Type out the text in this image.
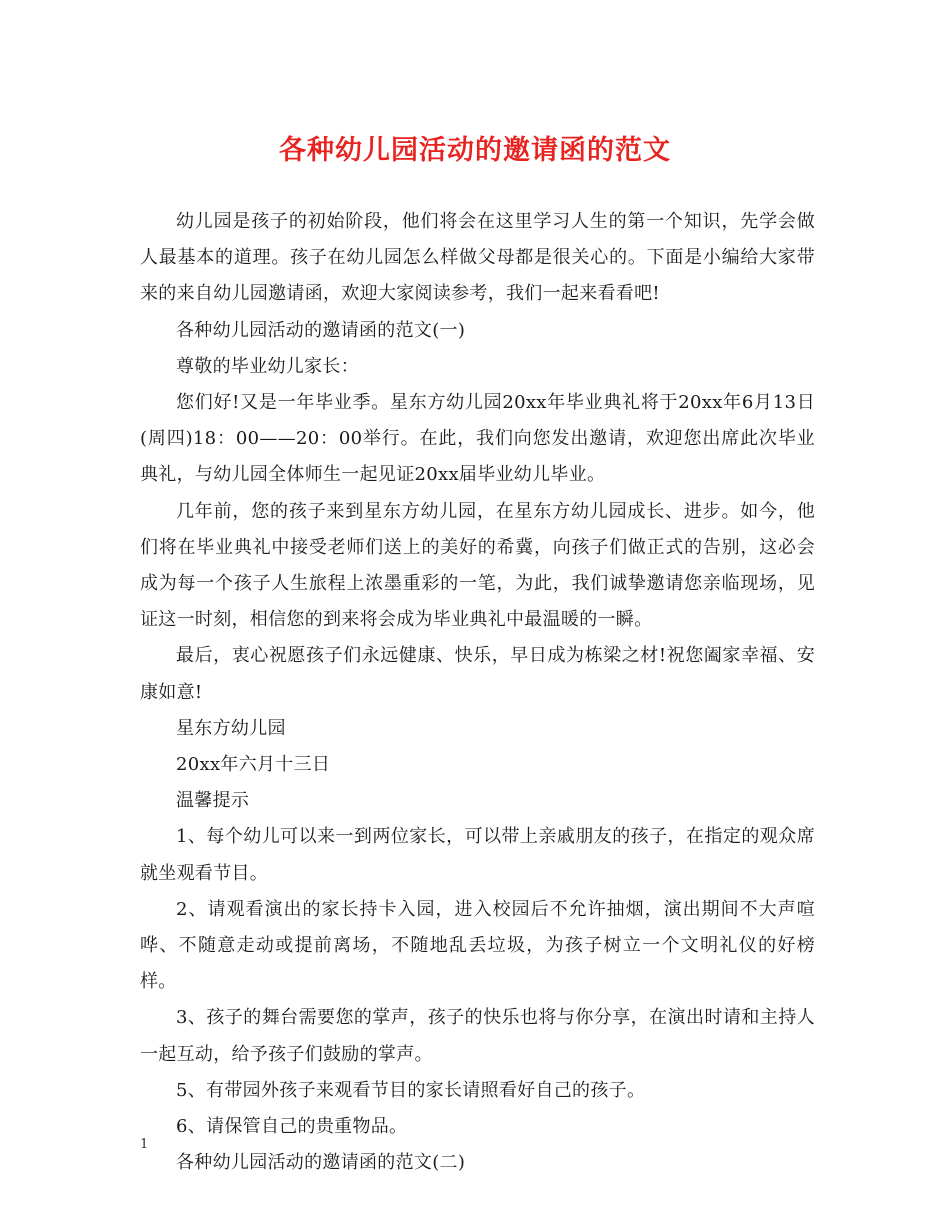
各种幼儿园活动的邀请函的范文

幼儿园是孩子的初始阶段，他们将会在这里学习人生的第一个知识，先学会做人最基本的道理。孩子在幼儿园怎么样做父母都是很关心的。下面是小编给大家带来的来自幼儿园邀请函，欢迎大家阅读参考，我们一起来看看吧!

各种幼儿园活动的邀请函的范文(一)

尊敬的毕业幼儿家长：

您们好!又是一年毕业季。星东方幼儿园20xx年毕业典礼将于20xx年6月13日(周四)18：00——20：00举行。在此，我们向您发出邀请，欢迎您出席此次毕业典礼，与幼儿园全体师生一起见证20xx届毕业幼儿毕业。

几年前，您的孩子来到星东方幼儿园，在星东方幼儿园成长、进步。如今，他们将在毕业典礼中接受老师们送上的美好的希冀，向孩子们做正式的告别，这必会成为每一个孩子人生旅程上浓墨重彩的一笔，为此，我们诚挚邀请您亲临现场，见证这一时刻，相信您的到来将会成为毕业典礼中最温暖的一瞬。

最后，衷心祝愿孩子们永远健康、快乐，早日成为栋梁之材!祝您阖家幸福、安康如意!

星东方幼儿园

20xx年六月十三日

温馨提示

1、每个幼儿可以来一到两位家长，可以带上亲戚朋友的孩子，在指定的观众席就坐观看节目。

2、请观看演出的家长持卡入园，进入校园后不允许抽烟，演出期间不大声喧哗、不随意走动或提前离场，不随地乱丢垃圾，为孩子树立一个文明礼仪的好榜样。

3、孩子的舞台需要您的掌声，孩子的快乐也将与你分享，在演出时请和主持人一起互动，给予孩子们鼓励的掌声。

5、有带园外孩子来观看节目的家长请照看好自己的孩子。

6、请保管自己的贵重物品。

各种幼儿园活动的邀请函的范文(二)

1
